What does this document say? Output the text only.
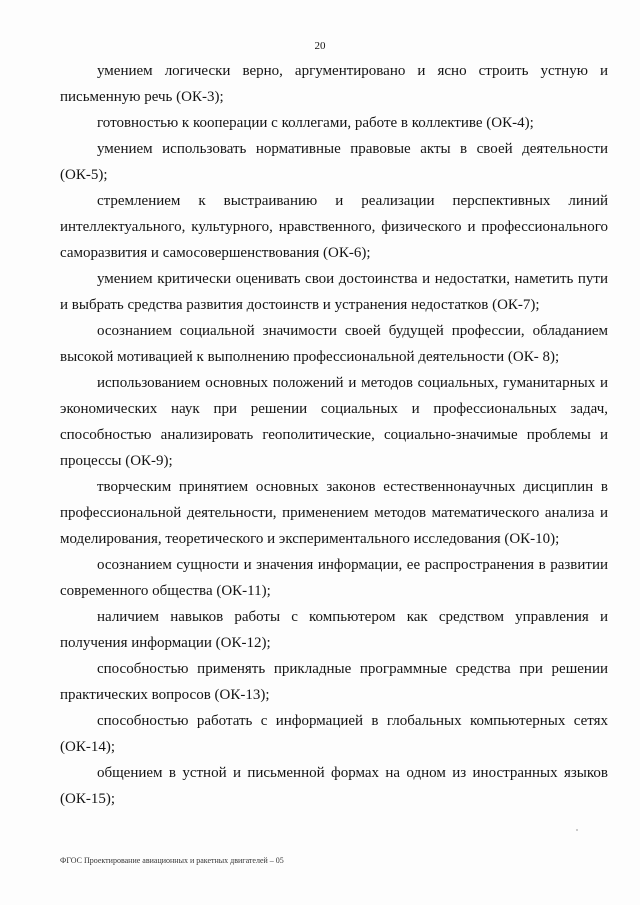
20

умением логически верно, аргументировано и ясно строить устную и письменную речь (ОК-3);

готовностью к кооперации с коллегами, работе в коллективе (ОК-4);

умением использовать нормативные правовые акты в своей деятельности (ОК-5);

стремлением к выстраиванию и реализации перспективных линий интеллектуального, культурного, нравственного, физического и профессионального саморазвития и самосовершенствования (ОК-6);

умением критически оценивать свои достоинства и недостатки, наметить пути и выбрать средства развития достоинств и устранения недостатков (ОК-7);

осознанием социальной значимости своей будущей профессии, обладанием высокой мотивацией к выполнению профессиональной деятельности (ОК- 8);

использованием основных положений и методов социальных, гуманитарных и экономических наук при решении социальных и профессиональных задач, способностью анализировать геополитические, социально-значимые проблемы и процессы (ОК-9);

творческим принятием основных законов естественнонаучных дисциплин в профессиональной деятельности, применением методов математического анализа и моделирования, теоретического и экспериментального исследования (ОК-10);

осознанием сущности и значения информации, ее распространения в развитии современного общества (ОК-11);

наличием навыков работы с компьютером как средством управления и получения информации (ОК-12);

способностью применять прикладные программные средства при решении практических вопросов (ОК-13);

способностью работать с информацией в глобальных компьютерных сетях (ОК-14);

общением в устной и письменной формах на одном из иностранных языков (ОК-15);

ФГОС Проектирование авиационных и ракетных двигателей – 05
